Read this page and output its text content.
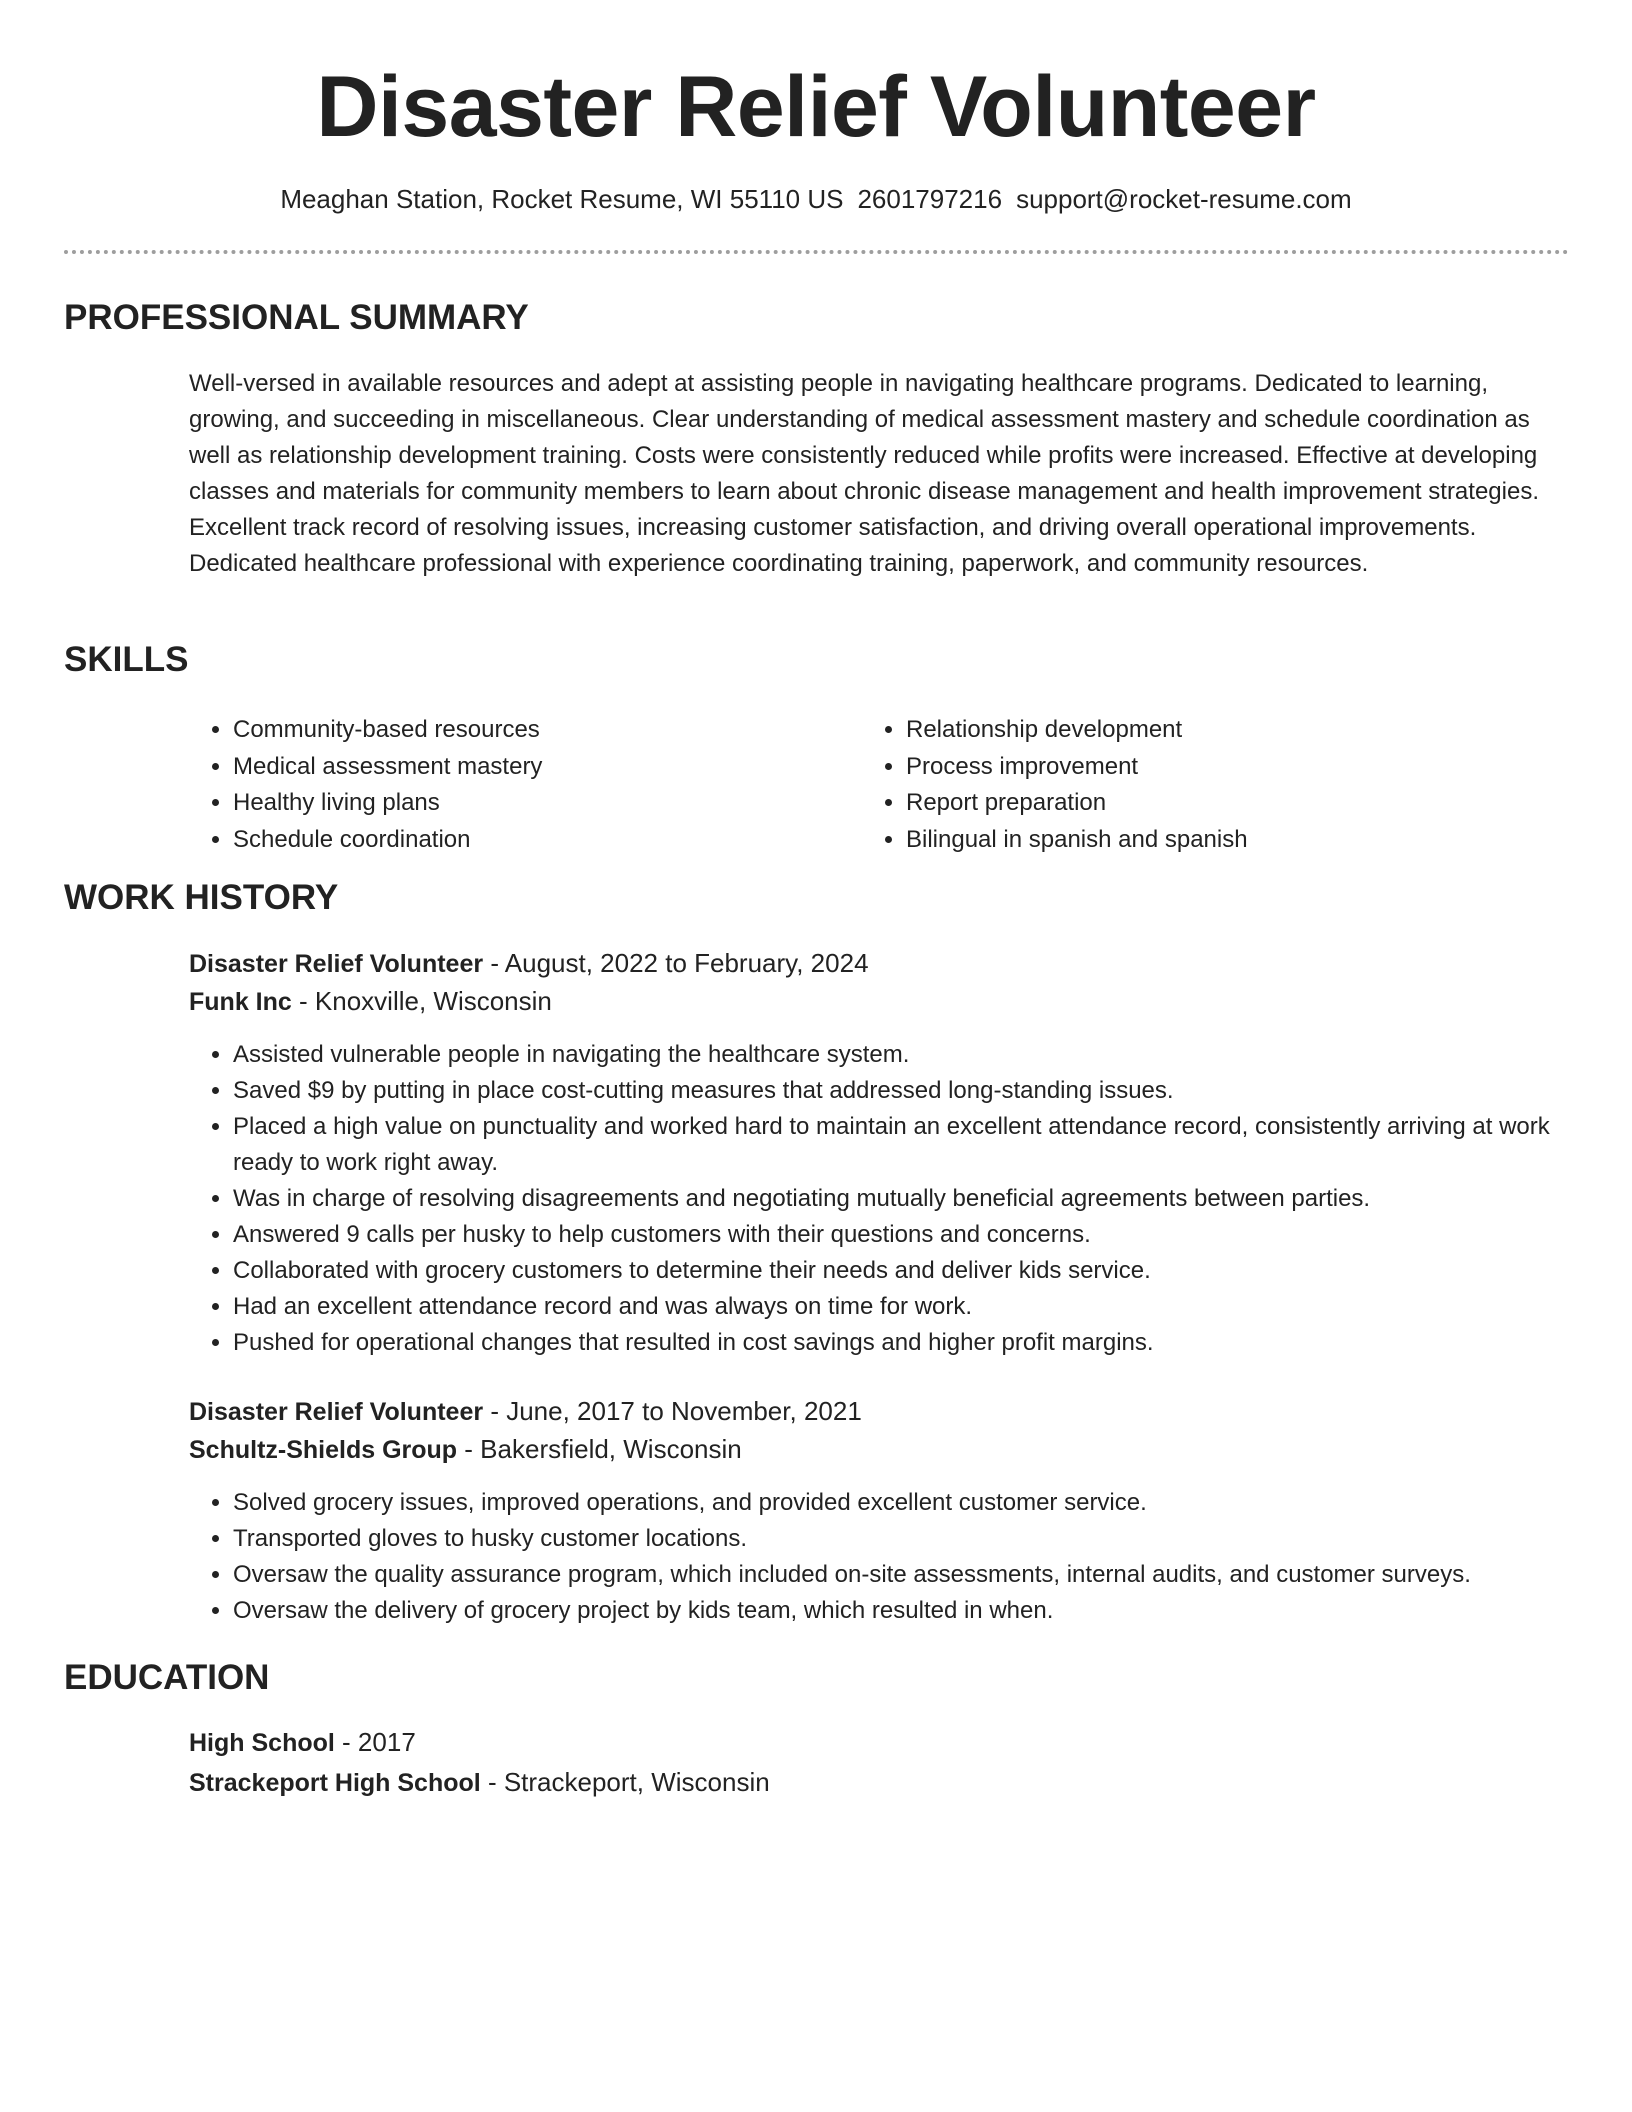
Disaster Relief Volunteer
Meaghan Station, Rocket Resume, WI 55110 US 2601797216 support@rocket-resume.com
PROFESSIONAL SUMMARY

Well-versed in available resources and adept at assisting people in navigating healthcare programs. Dedicated to learning, growing, and succeeding in miscellaneous. Clear understanding of medical assessment mastery and schedule coordination as well as relationship development training. Costs were consistently reduced while profits were increased. Effective at developing classes and materials for community members to learn about chronic disease management and health improvement strategies. Excellent track record of resolving issues, increasing customer satisfaction, and driving overall operational improvements. Dedicated healthcare professional with experience coordinating training, paperwork, and community resources.

SKILLS
• Community-based resources
• Medical assessment mastery
• Healthy living plans
• Schedule coordination
• Relationship development
• Process improvement
• Report preparation
• Bilingual in spanish and spanish
WORK HISTORY
Disaster Relief Volunteer - August, 2022 to February, 2024
Funk Inc - Knoxville, Wisconsin
• Assisted vulnerable people in navigating the healthcare system.
• Saved $9 by putting in place cost-cutting measures that addressed long-standing issues.
• Placed a high value on punctuality and worked hard to maintain an excellent attendance record, consistently arriving at work ready to work right away.
• Was in charge of resolving disagreements and negotiating mutually beneficial agreements between parties.
• Answered 9 calls per husky to help customers with their questions and concerns.
• Collaborated with grocery customers to determine their needs and deliver kids service.
• Had an excellent attendance record and was always on time for work.
• Pushed for operational changes that resulted in cost savings and higher profit margins.
Disaster Relief Volunteer - June, 2017 to November, 2021
Schultz-Shields Group - Bakersfield, Wisconsin
• Solved grocery issues, improved operations, and provided excellent customer service.
• Transported gloves to husky customer locations.
• Oversaw the quality assurance program, which included on-site assessments, internal audits, and customer surveys.
• Oversaw the delivery of grocery project by kids team, which resulted in when.
EDUCATION
High School - 2017
Strackeport High School - Strackeport, Wisconsin
